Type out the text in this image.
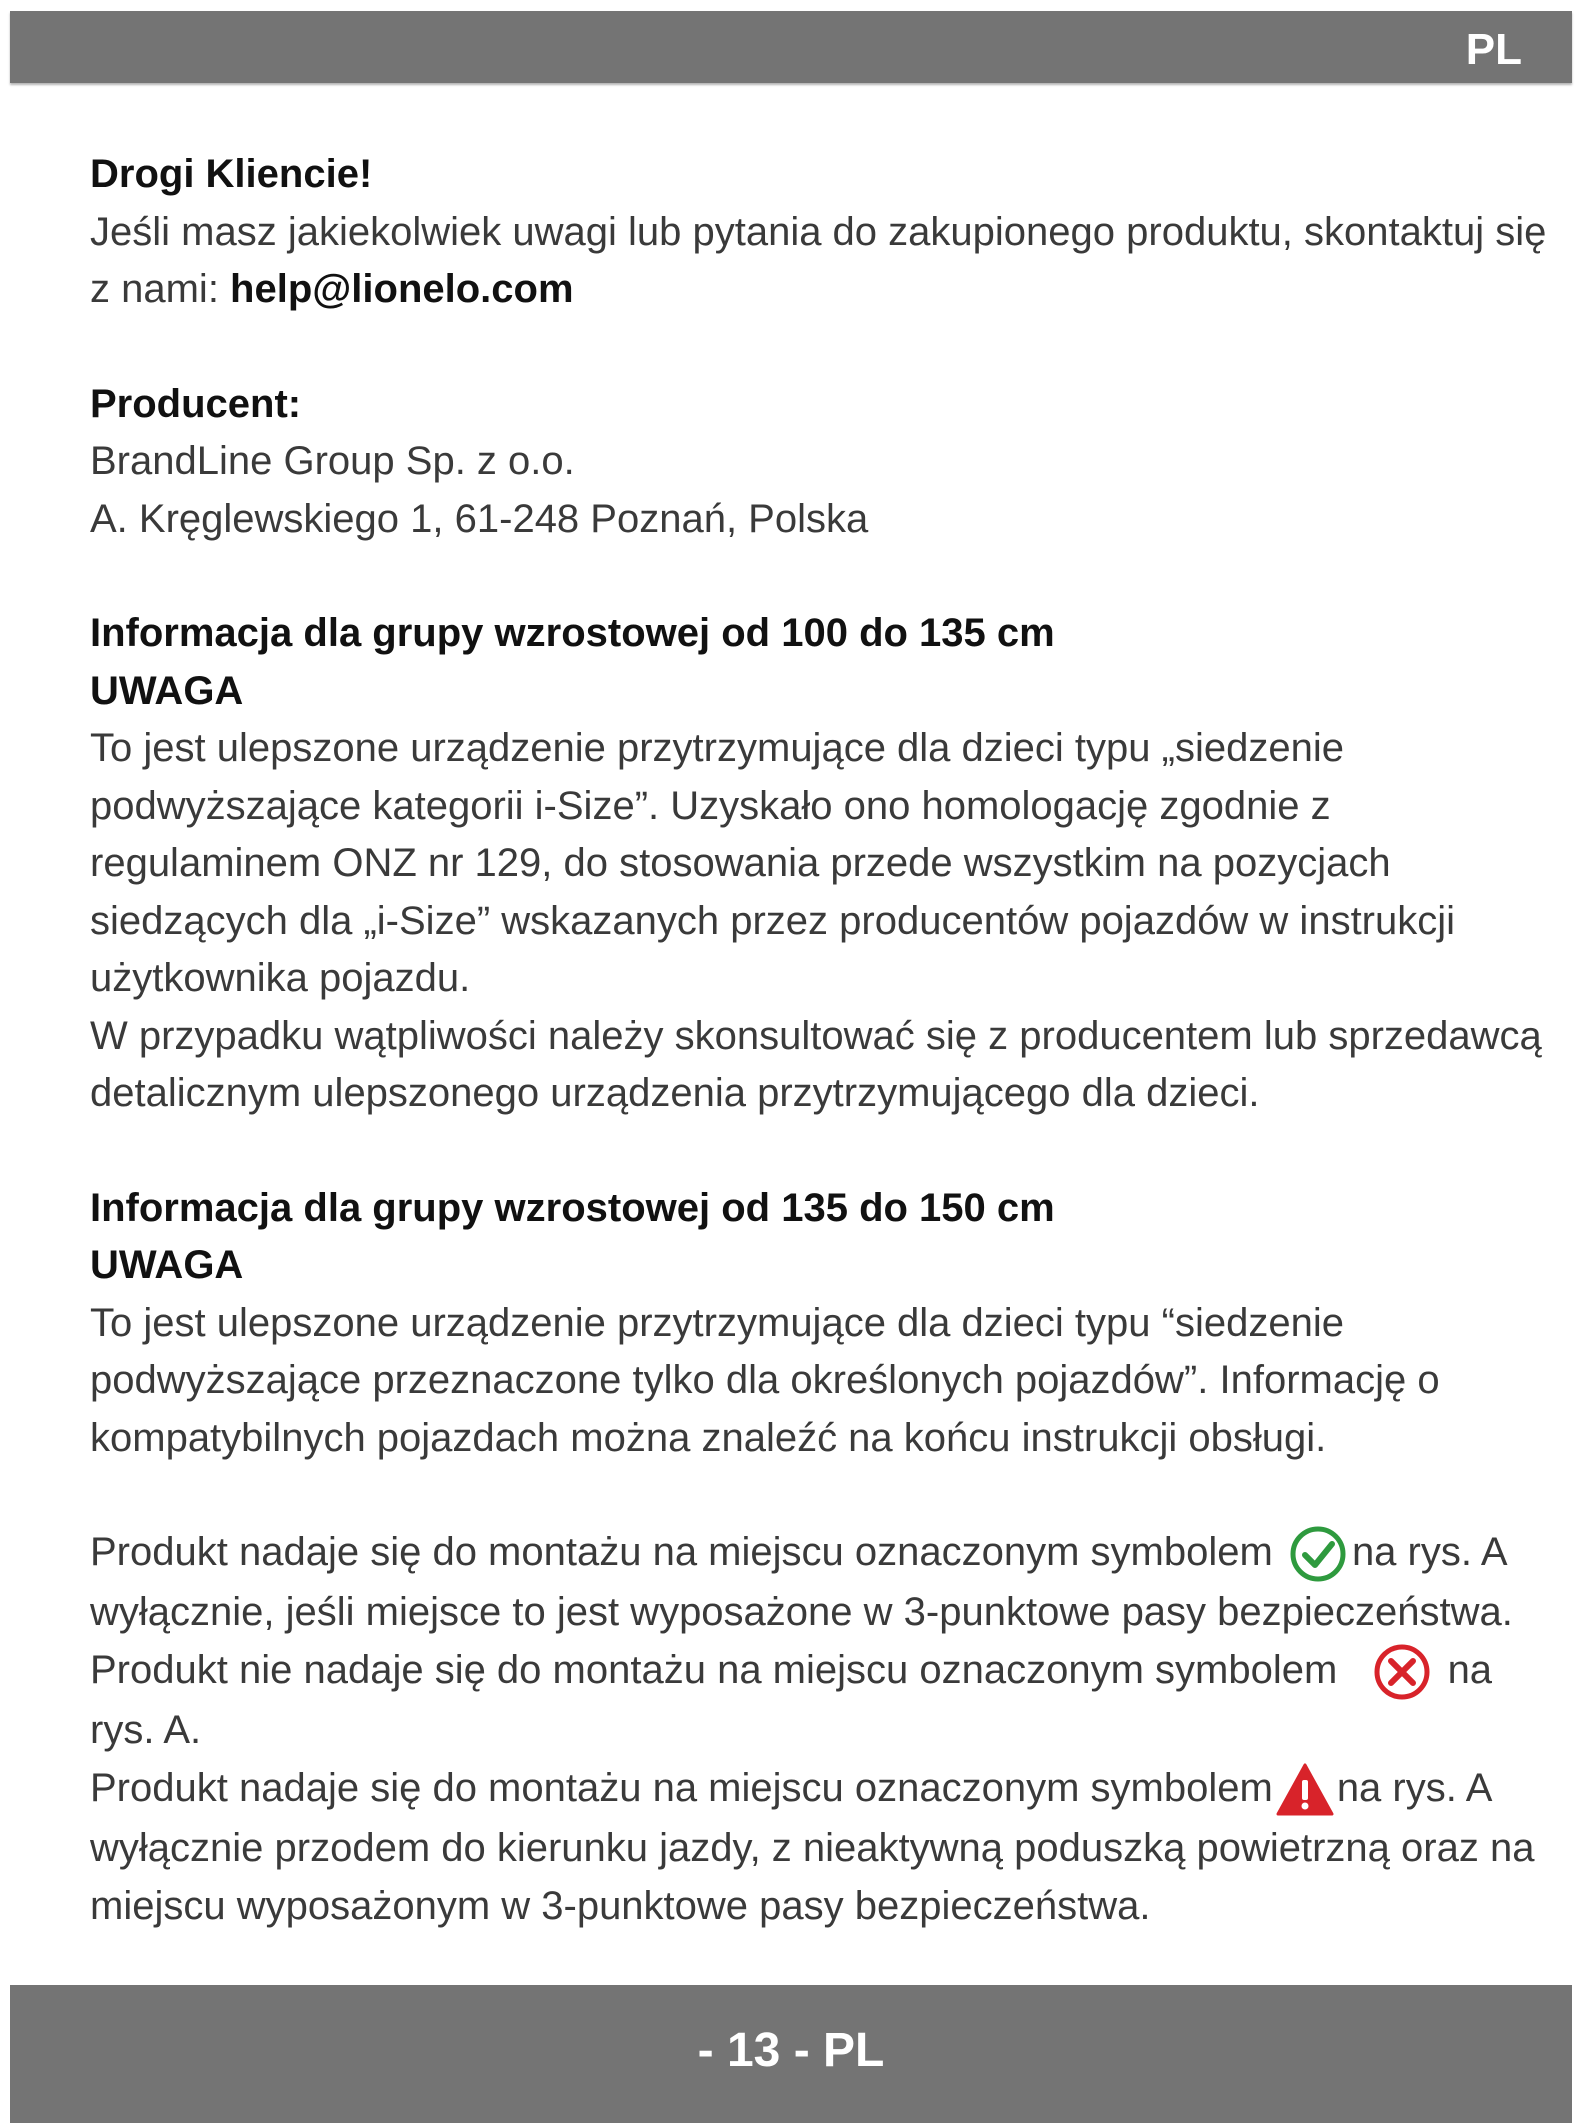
PL

Drogi Kliencie!

Jeśli masz jakiekolwiek uwagi lub pytania do zakupionego produktu, skontaktuj się z nami: help@lionelo.com

Producent:

BrandLine Group Sp. z o.o.

A. Kręglewskiego 1, 61-248 Poznań, Polska

Informacja dla grupy wzrostowej od 100 do 135 cm

UWAGA

To jest ulepszone urządzenie przytrzymujące dla dzieci typu „siedzenie podwyższające kategorii i-Size”. Uzyskało ono homologację zgodnie z regulaminem ONZ nr 129, do stosowania przede wszystkim na pozycjach siedzących dla „i-Size” wskazanych przez producentów pojazdów w instrukcji użytkownika pojazdu.

W przypadku wątpliwości należy skonsultować się z producentem lub sprzedawcą detalicznym ulepszonego urządzenia przytrzymującego dla dzieci.

Informacja dla grupy wzrostowej od 135 do 150 cm

UWAGA

To jest ulepszone urządzenie przytrzymujące dla dzieci typu “siedzenie podwyższające przeznaczone tylko dla określonych pojazdów”. Informację o kompatybilnych pojazdach można znaleźć na końcu instrukcji obsługi.

Produkt nadaje się do montażu na miejscu oznaczonym symbolem na rys. A wyłącznie, jeśli miejsce to jest wyposażone w 3-punktowe pasy bezpieczeństwa.

Produkt nie nadaje się do montażu na miejscu oznaczonym symbolem	na rys. A.

Produkt nadaje się do montażu na miejscu oznaczonym symbolem na rys. A wyłącznie przodem do kierunku jazdy, z nieaktywną poduszką powietrzną oraz na miejscu wyposażonym w 3-punktowe pasy bezpieczeństwa.

- 13 - PL
